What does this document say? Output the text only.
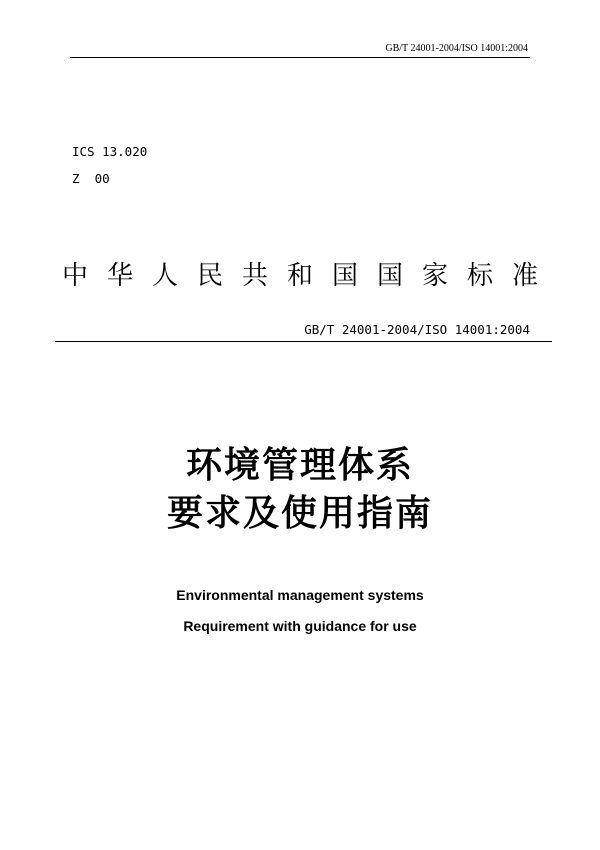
GB/T 24001-2004/ISO 14001:2004
ICS 13.020
Z  00
中华人民共和国国家标准
GB/T 24001-2004/ISO 14001:2004
环境管理体系
要求及使用指南
Environmental management systems
Requirement with guidance for use
